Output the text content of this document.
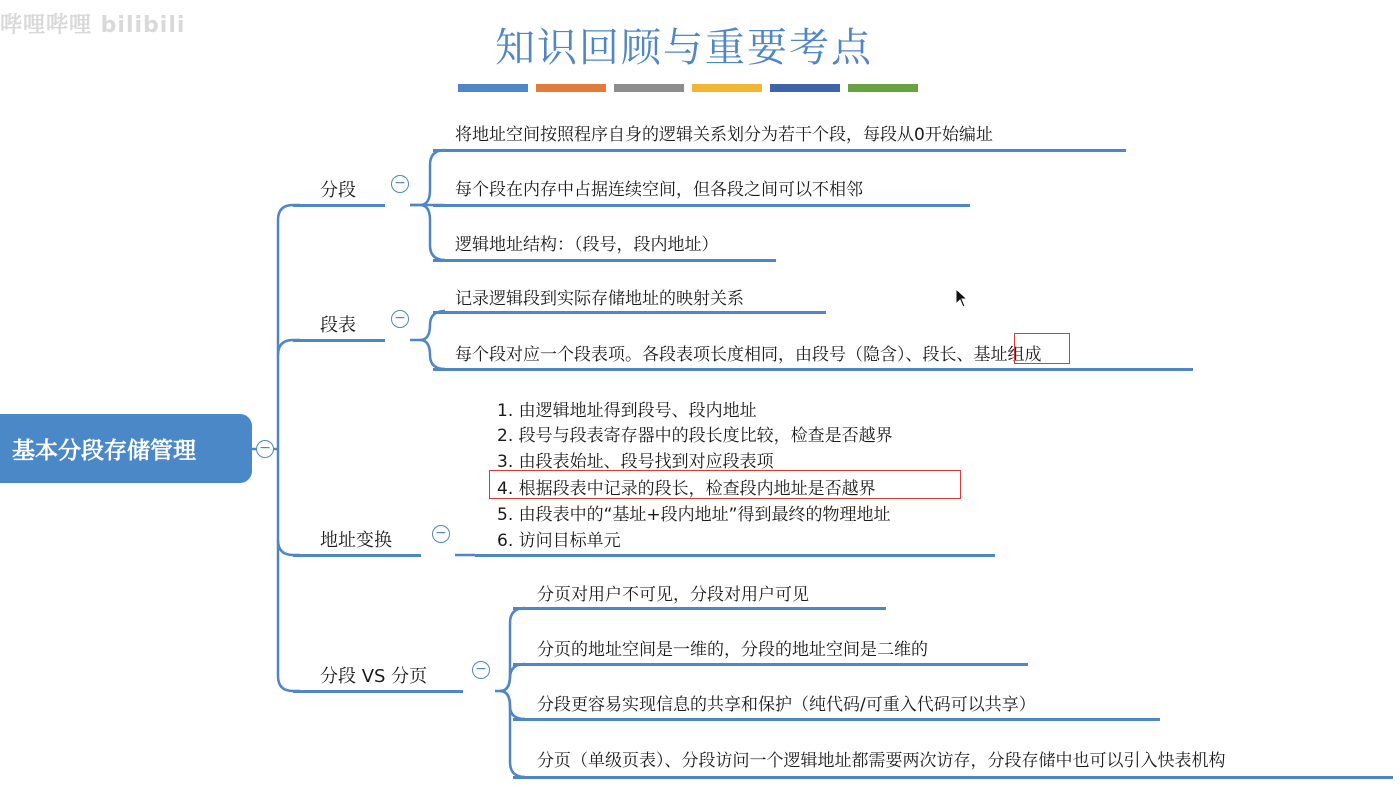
哔哩哔哩 bilibili	知识回顾与重要考点
基本分段存储管理	−
分段	−
将地址空间按照程序自身的逻辑关系划分为若干个段，每段从0开始编址
每个段在内存中占据连续空间，但各段之间可以不相邻
逻辑地址结构：（段号，段内地址）
段表	−
记录逻辑段到实际存储地址的映射关系
每个段对应一个段表项。各段表项长度相同，由段号（隐含）、段长、基址组成
地址变换	−
1. 由逻辑地址得到段号、段内地址
2. 段号与段表寄存器中的段长度比较，检查是否越界
3. 由段表始址、段号找到对应段表项
4. 根据段表中记录的段长，检查段内地址是否越界
5. 由段表中的“基址+段内地址”得到最终的物理地址
6. 访问目标单元
分段 VS 分页	−
分页对用户不可见，分段对用户可见
分页的地址空间是一维的，分段的地址空间是二维的
分段更容易实现信息的共享和保护（纯代码/可重入代码可以共享）
分页（单级页表）、分段访问一个逻辑地址都需要两次访存，分段存储中也可以引入快表机构
